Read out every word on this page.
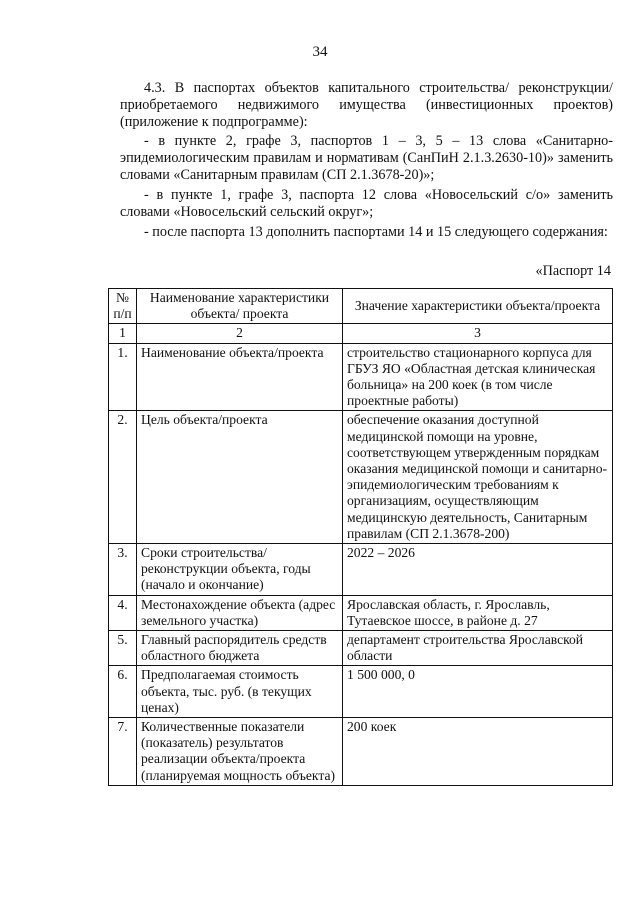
34
4.3. В паспортах объектов капитального строительства/ реконструкции/ приобретаемого недвижимого имущества (инвестиционных проектов) (приложение к подпрограмме):
- в пункте 2, графе 3, паспортов 1 – 3, 5 – 13 слова «Санитарно-эпидемиологическим правилам и нормативам (СанПиН 2.1.3.2630-10)» заменить словами «Санитарным правилам (СП 2.1.3678-20)»;
- в пункте 1, графе 3, паспорта 12 слова «Новосельский с/о» заменить словами «Новосельский сельский округ»;
- после паспорта 13 дополнить паспортами 14 и 15 следующего содержания:
«Паспорт 14
№ п/п	Наименование характеристики объекта/ проекта	Значение характеристики объекта/проекта
1	2	3
1.	Наименование объекта/проекта	строительство стационарного корпуса для ГБУЗ ЯО «Областная детская клиническая больница» на 200 коек (в том числе проектные работы)
2.	Цель объекта/проекта	обеспечение оказания доступной медицинской помощи на уровне, соответствующем утвержденным порядкам оказания медицинской помощи и санитарно-эпидемиологическим требованиям к организациям, осуществляющим медицинскую деятельность, Санитарным правилам (СП 2.1.3678-200)
3.	Сроки строительства/реконструкции объекта, годы (начало и окончание)	2022 – 2026
4.	Местонахождение объекта (адрес земельного участка)	Ярославская область, г. Ярославль, Тутаевское шоссе, в районе д. 27
5.	Главный распорядитель средств областного бюджета	департамент строительства Ярославской области
6.	Предполагаемая стоимость объекта, тыс. руб. (в текущих ценах)	1 500 000, 0
7.	Количественные показатели (показатель) результатов реализации объекта/проекта (планируемая мощность объекта)	200 коек
